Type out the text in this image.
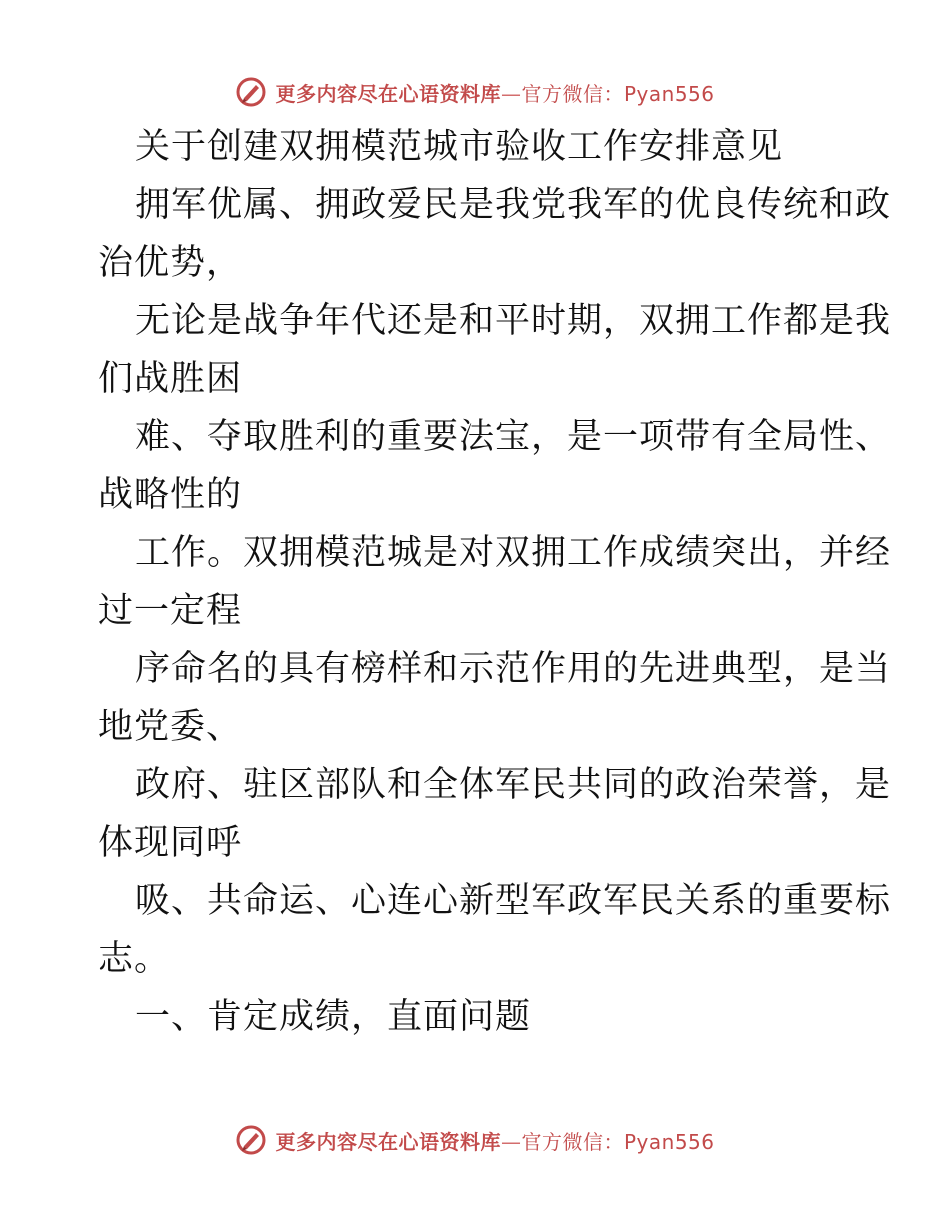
更多内容尽在心语资料库—官方微信：Pyan556
关于创建双拥模范城市验收工作安排意见
拥军优属、拥政爱民是我党我军的优良传统和政
治优势，
无论是战争年代还是和平时期，双拥工作都是我
们战胜困
难、夺取胜利的重要法宝，是一项带有全局性、
战略性的
工作。双拥模范城是对双拥工作成绩突出，并经
过一定程
序命名的具有榜样和示范作用的先进典型，是当
地党委、
政府、驻区部队和全体军民共同的政治荣誉，是
体现同呼
吸、共命运、心连心新型军政军民关系的重要标
志。
一、肯定成绩，直面问题
更多内容尽在心语资料库—官方微信：Pyan556
